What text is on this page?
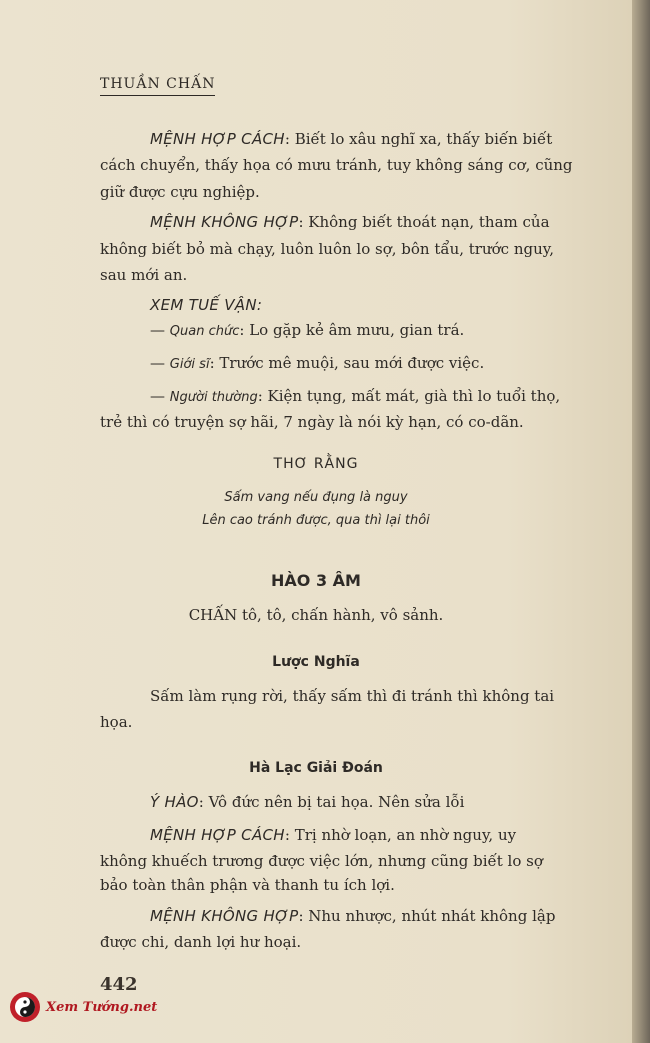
THUẦN CHẤN
MỆNH HỢP CÁCH: Biết lo xâu nghĩ xa, thấy biến biết
cách chuyển, thấy họa có mưu tránh, tuy không sáng cơ, cũng
giữ được cựu nghiệp.
MỆNH KHÔNG HỢP: Không biết thoát nạn, tham của
không biết bỏ mà chạy, luôn luôn lo sợ, bôn tẩu, trước nguy,
sau mới an.
XEM TUẾ VẬN:
— Quan chức: Lo gặp kẻ âm mưu, gian trá.
— Giới sĩ: Trước mê muội, sau mới được việc.
— Người thường: Kiện tụng, mất mát, già thì lo tuổi thọ,
trẻ thì có truyện sợ hãi, 7 ngày là nói kỳ hạn, có co-dãn.
THƠ RẰNG
Sấm vang nếu đụng là nguy
Lên cao tránh được, qua thì lại thôi
HÀO 3 ÂM
CHẤN tô, tô, chấn hành, vô sảnh.
Lược Nghĩa
Sấm làm rụng rời, thấy sấm thì đi tránh thì không tai
họa.
Hà Lạc Giải Đoán
Ý HÀO: Vô đức nên bị tai họa. Nên sửa lỗi
MỆNH HỢP CÁCH: Trị nhờ loạn, an nhờ nguy, uy
không khuếch trương được việc lớn, nhưng cũng biết lo sợ
bảo toàn thân phận và thanh tu ích lợi.
MỆNH KHÔNG HỢP: Nhu nhược, nhút nhát không lập
được chi, danh lợi hư hoại.
442
Xem Tướng.net
